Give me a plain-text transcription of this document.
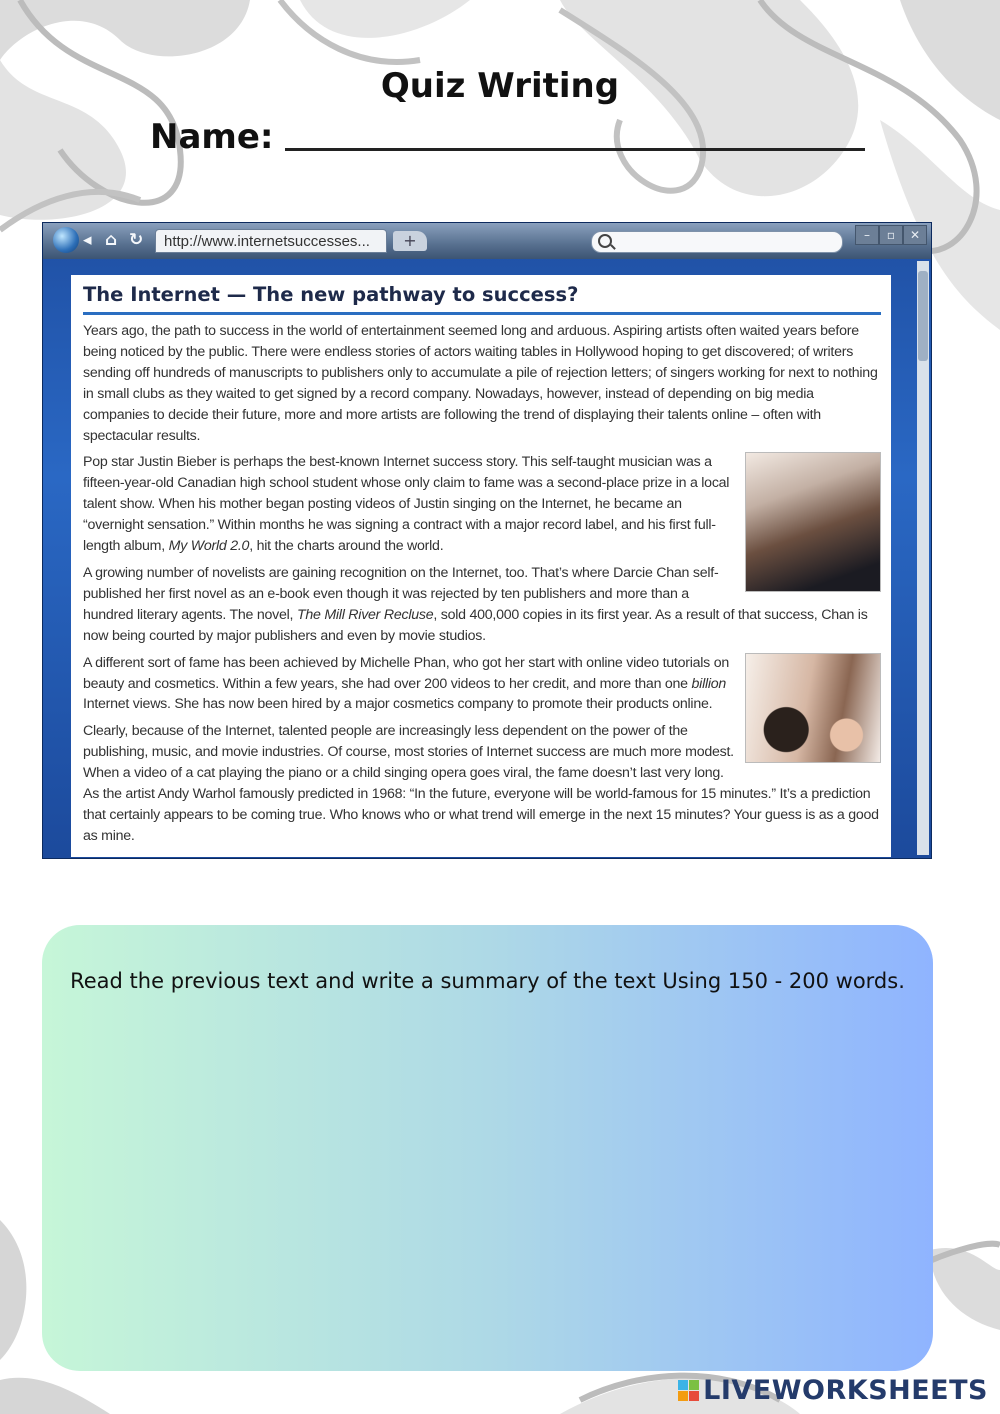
Quiz Writing
Name:
◂ ⌂ ↻	http://www.internetsuccesses...	+	–	▫	✕
The Internet — The new pathway to success?

Years ago, the path to success in the world of entertainment seemed long and arduous. Aspiring artists often waited years before being noticed by the public. There were endless stories of actors waiting tables in Hollywood hoping to get discovered; of writers sending off hundreds of manuscripts to publishers only to accumulate a pile of rejection letters; of singers working for next to nothing in small clubs as they waited to get signed by a record company. Nowadays, however, instead of depending on big media companies to decide their future, more and more artists are following the trend of displaying their talents online – often with spectacular results.

Pop star Justin Bieber is perhaps the best-known Internet success story. This self-taught musician was a fifteen-year-old Canadian high school student whose only claim to fame was a second-place prize in a local talent show. When his mother began posting videos of Justin singing on the Internet, he became an “overnight sensation.” Within months he was signing a contract with a major record label, and his first full-length album, My World 2.0, hit the charts around the world.

A growing number of novelists are gaining recognition on the Internet, too. That’s where Darcie Chan self-published her first novel as an e-book even though it was rejected by ten publishers and more than a hundred literary agents. The novel, The Mill River Recluse, sold 400,000 copies in its first year. As a result of that success, Chan is now being courted by major publishers and even by movie studios.

A different sort of fame has been achieved by Michelle Phan, who got her start with online video tutorials on beauty and cosmetics. Within a few years, she had over 200 videos to her credit, and more than one billion Internet views. She has now been hired by a major cosmetics company to promote their products online.

Clearly, because of the Internet, talented people are increasingly less dependent on the power of the publishing, music, and movie industries. Of course, most stories of Internet success are much more modest. When a video of a cat playing the piano or a child singing opera goes viral, the fame doesn’t last very long. As the artist Andy Warhol famously predicted in 1968: “In the future, everyone will be world-famous for 15 minutes.” It’s a prediction that certainly appears to be coming true. Who knows who or what trend will emerge in the next 15 minutes? Your guess is as a good as mine.

Read the previous text and write a summary of the text Using 150 - 200 words.
LIVEWORKSHEETS
